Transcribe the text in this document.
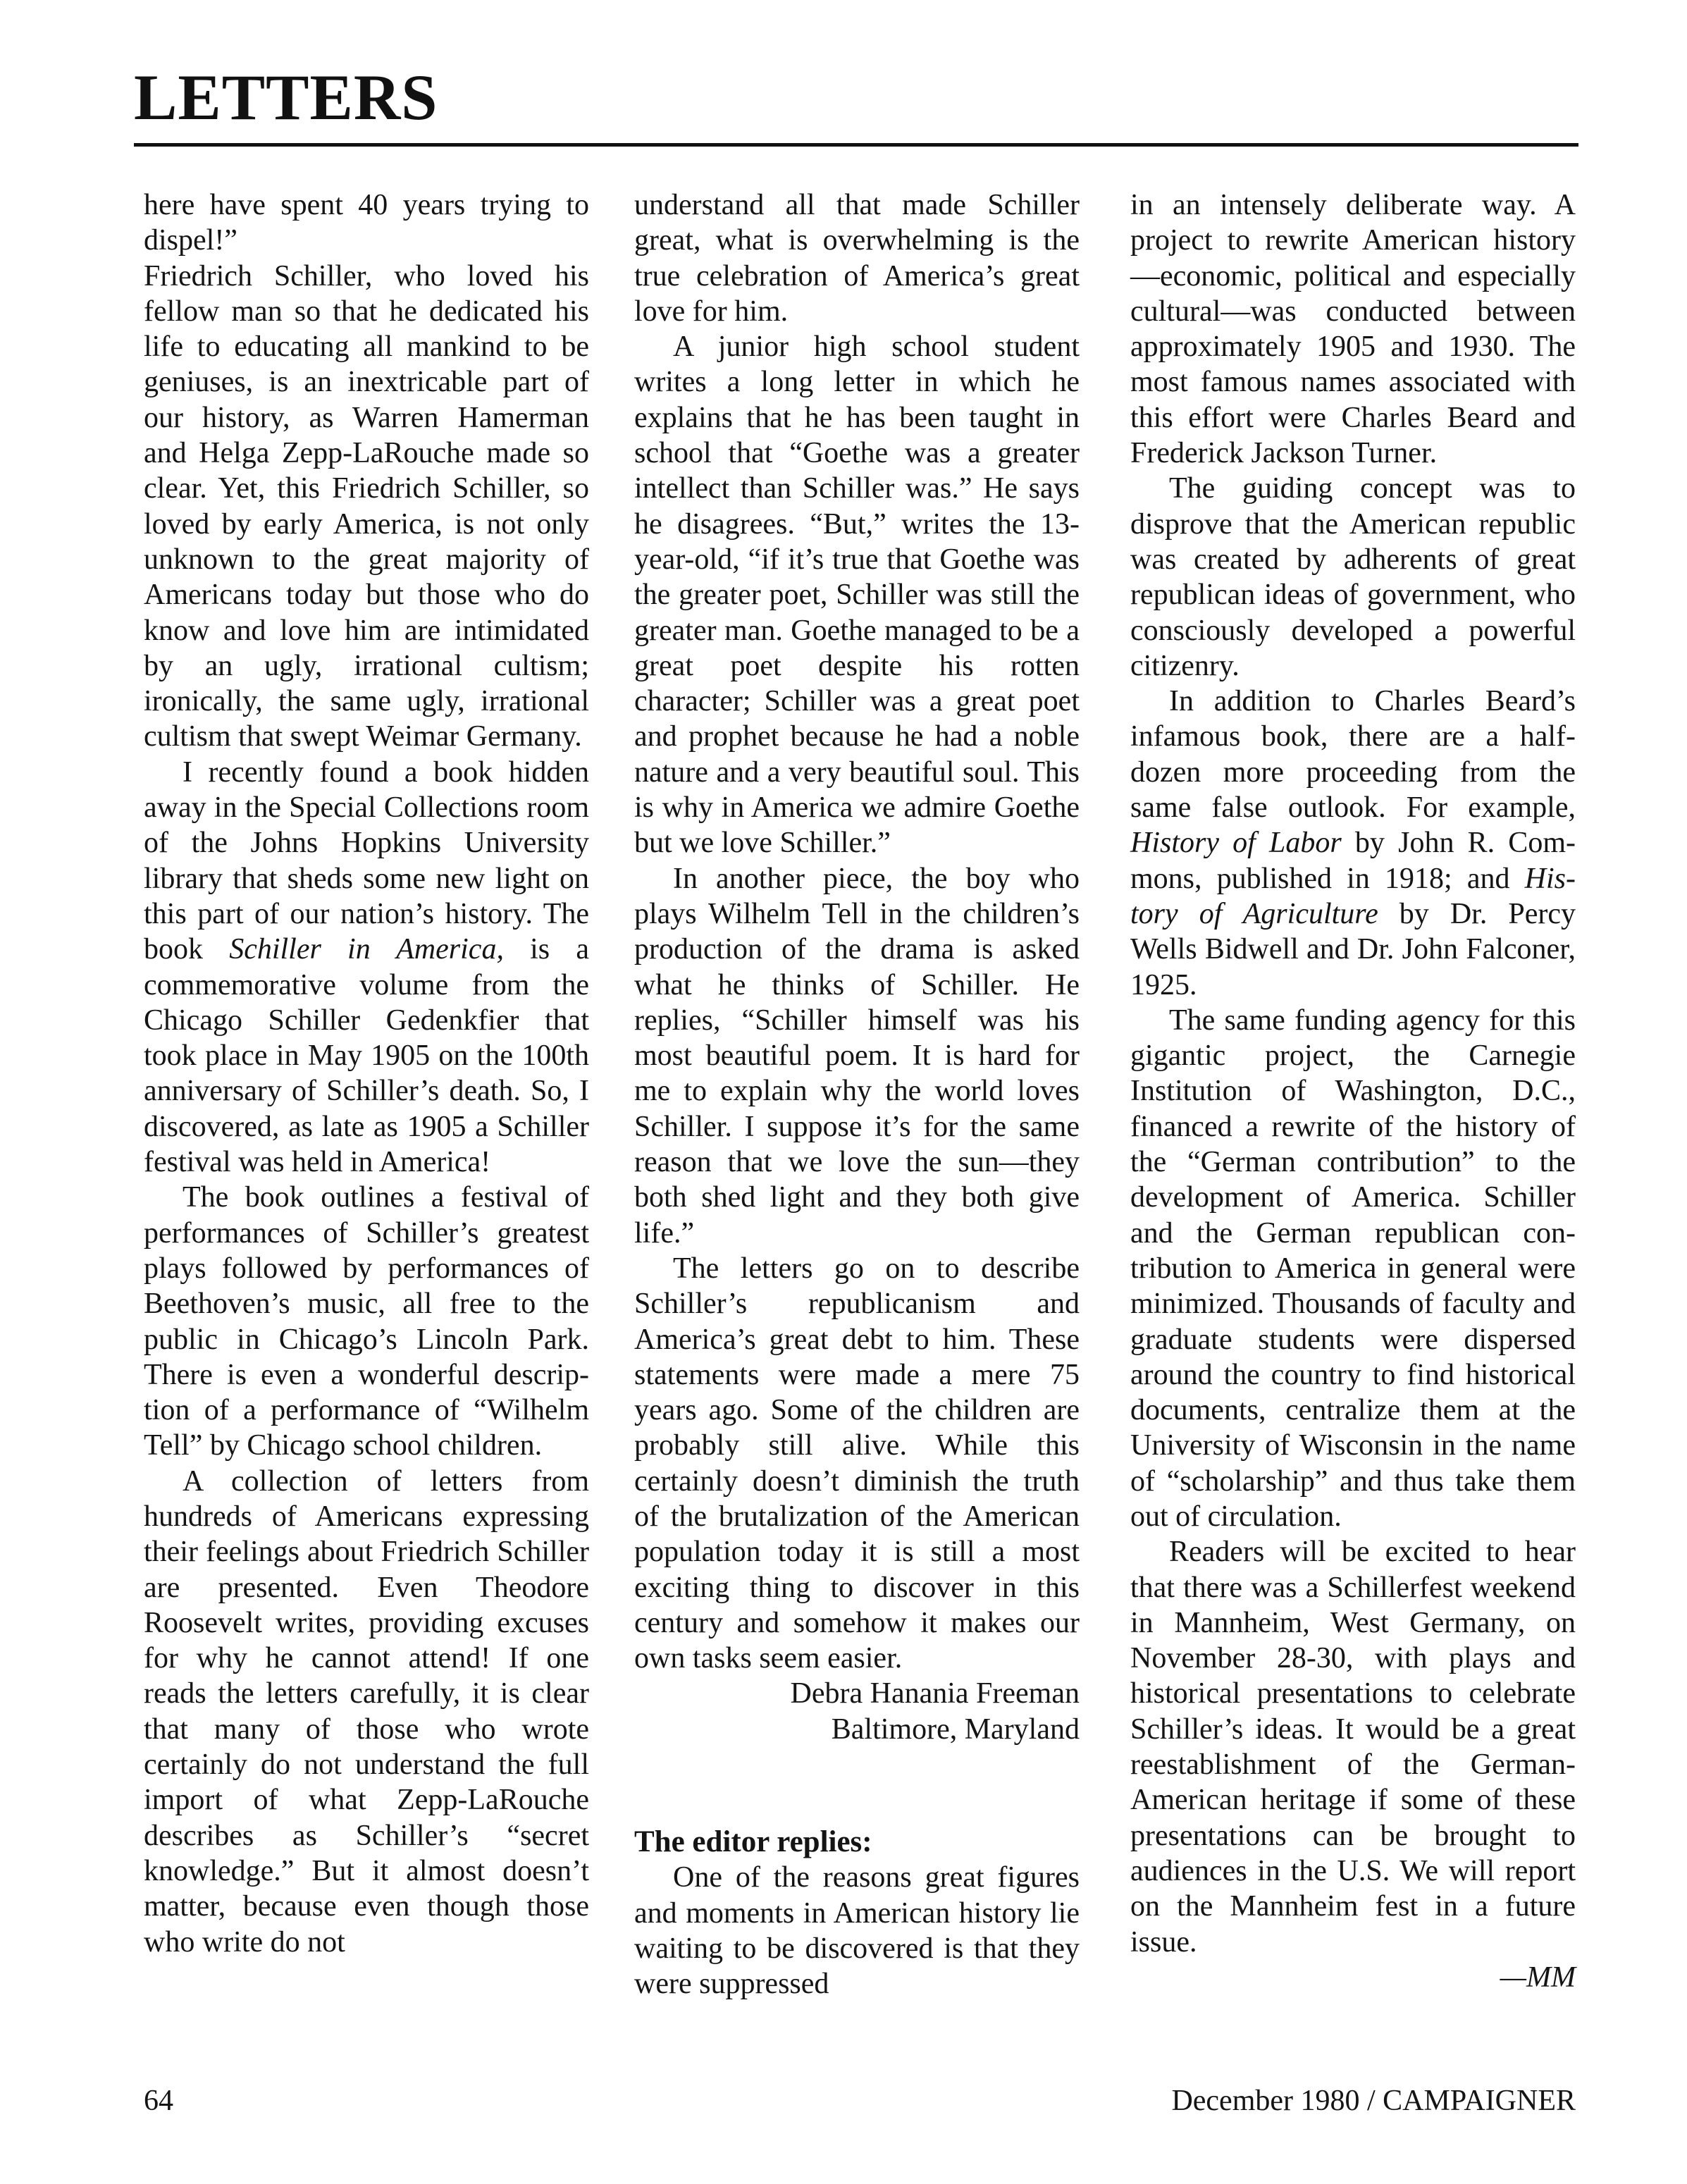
LETTERS

here have spent 40 years trying to dispel!”

Friedrich Schiller, who loved his fellow man so that he dedicated his life to educating all mankind to be geniuses, is an inextricable part of our history, as Warren Hamerman and Helga Zepp-LaRouche made so clear. Yet, this Friedrich Schiller, so loved by early America, is not only unknown to the great majority of Americans today but those who do know and love him are intimidated by an ugly, irrational cultism; ironically, the same ugly, irrational cultism that swept Weimar Germany.

I recently found a book hidden away in the Special Collections room of the Johns Hopkins University library that sheds some new light on this part of our nation’s history. The book Schiller in America, is a commemorative volume from the Chicago Schiller Gedenkfier that took place in May 1905 on the 100th anniversary of Schiller’s death. So, I discovered, as late as 1905 a Schiller festival was held in America!

The book outlines a festival of performances of Schiller’s greatest plays followed by performances of Beethoven’s music, all free to the public in Chicago’s Lincoln Park. There is even a wonderful description of a performance of “Wilhelm Tell” by Chicago school children.

A collection of letters from hundreds of Americans expressing their feelings about Friedrich Schiller are presented. Even Theodore Roosevelt writes, providing excuses for why he cannot attend! If one reads the letters carefully, it is clear that many of those who wrote certainly do not understand the full import of what Zepp-LaRouche describes as Schiller’s “secret knowledge.” But it almost doesn’t matter, because even though those who write do not

understand all that made Schiller great, what is overwhelming is the true celebration of America’s great love for him.

A junior high school student writes a long letter in which he explains that he has been taught in school that “Goethe was a greater intellect than Schiller was.” He says he disagrees. “But,” writes the 13-year-old, “if it’s true that Goethe was the greater poet, Schiller was still the greater man. Goethe managed to be a great poet despite his rotten character; Schiller was a great poet and prophet because he had a noble nature and a very beautiful soul. This is why in America we admire Goethe but we love Schiller.”

In another piece, the boy who plays Wilhelm Tell in the children’s production of the drama is asked what he thinks of Schiller. He replies, “Schiller himself was his most beautiful poem. It is hard for me to explain why the world loves Schiller. I suppose it’s for the same reason that we love the sun—they both shed light and they both give life.”

The letters go on to describe Schiller’s republicanism and America’s great debt to him. These statements were made a mere 75 years ago. Some of the children are probably still alive. While this certainly doesn’t diminish the truth of the brutalization of the American population today it is still a most exciting thing to discover in this century and somehow it makes our own tasks seem easier.

Debra Hanania Freeman

Baltimore, Maryland

The editor replies:

One of the reasons great figures and moments in American history lie waiting to be discovered is that they were suppressed

in an intensely deliberate way. A project to rewrite American history—economic, political and especially cultural—was conducted between approximately 1905 and 1930. The most famous names associated with this effort were Charles Beard and Frederick Jackson Turner.

The guiding concept was to disprove that the American republic was created by adherents of great republican ideas of government, who consciously developed a powerful citizenry.

In addition to Charles Beard’s infamous book, there are a half-dozen more proceeding from the same false outlook. For example, History of Labor by John R. Commons, published in 1918; and History of Agriculture by Dr. Percy Wells Bidwell and Dr. John Falconer, 1925.

The same funding agency for this gigantic project, the Carnegie Institution of Washington, D.C., financed a rewrite of the history of the “German contribution” to the development of America. Schiller and the German republican contribution to America in general were minimized. Thousands of faculty and graduate students were dispersed around the country to find historical documents, centralize them at the University of Wisconsin in the name of “scholarship” and thus take them out of circulation.

Readers will be excited to hear that there was a Schillerfest weekend in Mannheim, West Germany, on November 28-30, with plays and historical presentations to celebrate Schiller’s ideas. It would be a great reestablishment of the German-American heritage if some of these presentations can be brought to audiences in the U.S. We will report on the Mannheim fest in a future issue.

—MM

64	December 1980 / CAMPAIGNER
